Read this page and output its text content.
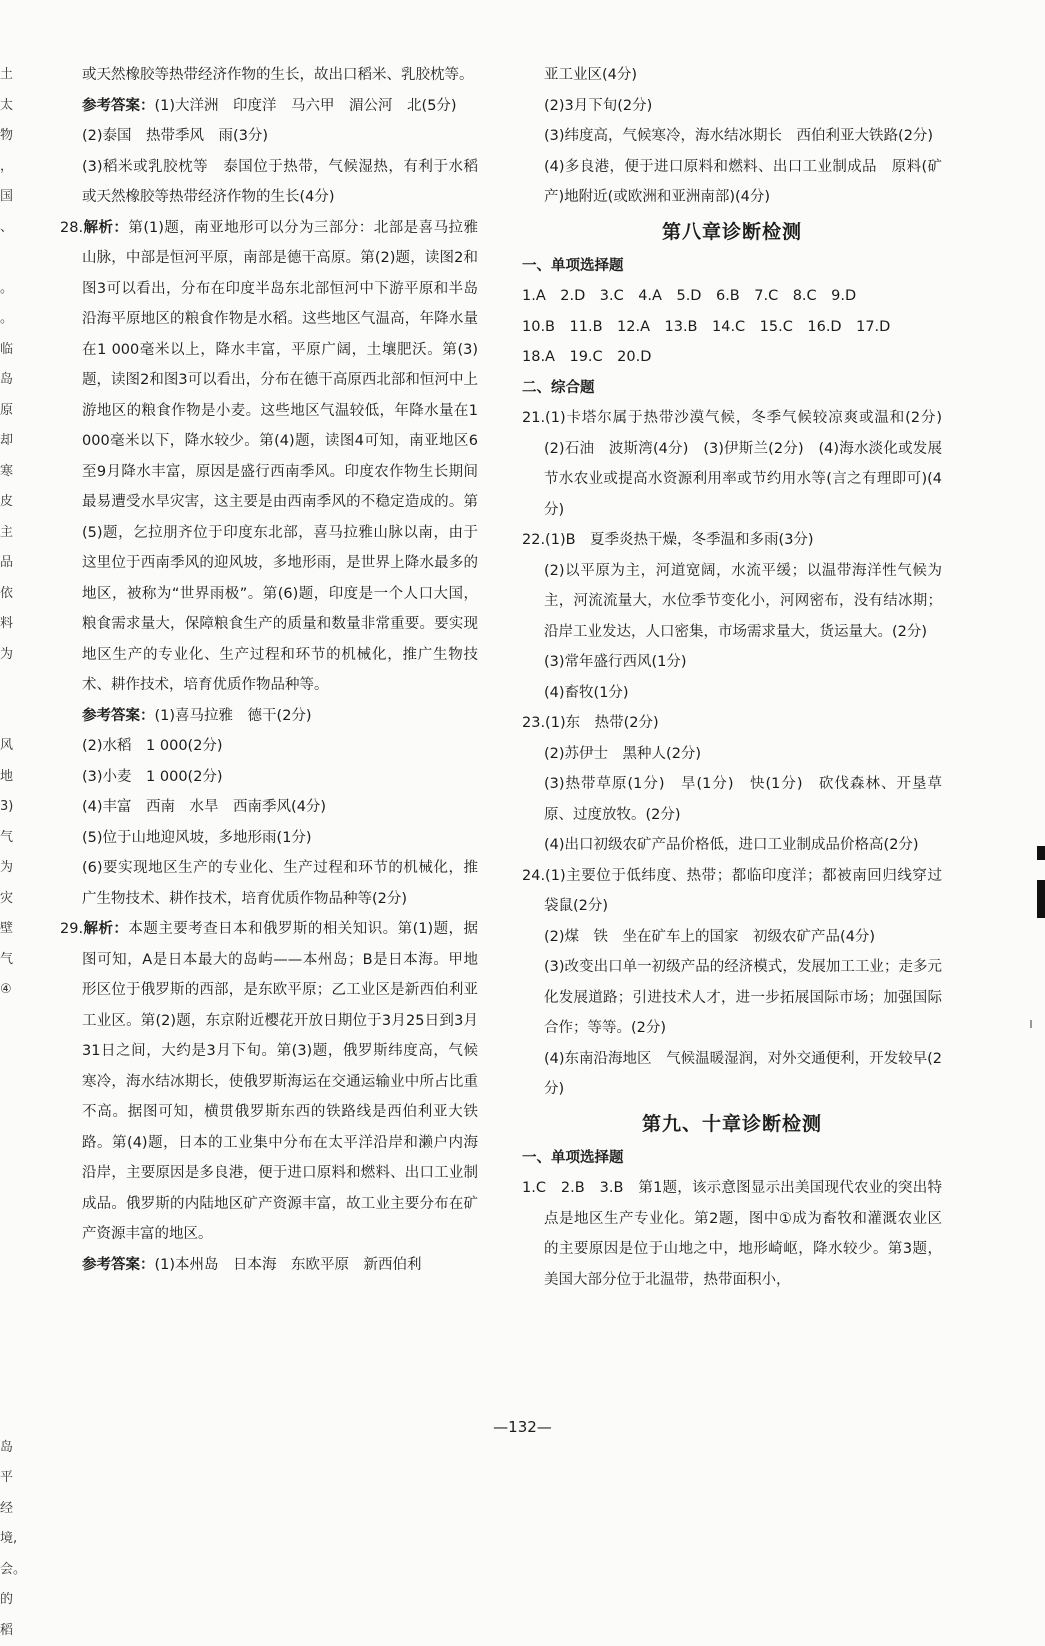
土
太
物
，
国
、
。
。
临
岛
原
却
寒
皮
主
品
依
料
为
风
地
3)
气
为
灾
壁
气
④
岛
平
经
境,
会。
的
稻

或天然橡胶等热带经济作物的生长，故出口稻米、乳胶枕等。

参考答案：(1)大洋洲　印度洋　马六甲　湄公河　北(5分)

(2)泰国　热带季风　雨(3分)

(3)稻米或乳胶枕等　泰国位于热带，气候湿热，有利于水稻或天然橡胶等热带经济作物的生长(4分)

28.解析：第(1)题，南亚地形可以分为三部分：北部是喜马拉雅山脉，中部是恒河平原，南部是德干高原。第(2)题，读图2和图3可以看出，分布在印度半岛东北部恒河中下游平原和半岛沿海平原地区的粮食作物是水稻。这些地区气温高，年降水量在1 000毫米以上，降水丰富，平原广阔，土壤肥沃。第(3)题，读图2和图3可以看出，分布在德干高原西北部和恒河中上游地区的粮食作物是小麦。这些地区气温较低，年降水量在1 000毫米以下，降水较少。第(4)题，读图4可知，南亚地区6至9月降水丰富，原因是盛行西南季风。印度农作物生长期间最易遭受水旱灾害，这主要是由西南季风的不稳定造成的。第(5)题，乞拉朋齐位于印度东北部，喜马拉雅山脉以南，由于这里位于西南季风的迎风坡，多地形雨，是世界上降水最多的地区，被称为“世界雨极”。第(6)题，印度是一个人口大国，粮食需求量大，保障粮食生产的质量和数量非常重要。要实现地区生产的专业化、生产过程和环节的机械化，推广生物技术、耕作技术，培育优质作物品种等。

参考答案：(1)喜马拉雅　德干(2分)

(2)水稻　1 000(2分)

(3)小麦　1 000(2分)

(4)丰富　西南　水旱　西南季风(4分)

(5)位于山地迎风坡，多地形雨(1分)

(6)要实现地区生产的专业化、生产过程和环节的机械化，推广生物技术、耕作技术，培育优质作物品种等(2分)

29.解析：本题主要考查日本和俄罗斯的相关知识。第(1)题，据图可知，A是日本最大的岛屿——本州岛；B是日本海。甲地形区位于俄罗斯的西部，是东欧平原；乙工业区是新西伯利亚工业区。第(2)题，东京附近樱花开放日期位于3月25日到3月31日之间，大约是3月下旬。第(3)题，俄罗斯纬度高，气候寒冷，海水结冰期长，使俄罗斯海运在交通运输业中所占比重不高。据图可知，横贯俄罗斯东西的铁路线是西伯利亚大铁路。第(4)题，日本的工业集中分布在太平洋沿岸和濑户内海沿岸，主要原因是多良港，便于进口原料和燃料、出口工业制成品。俄罗斯的内陆地区矿产资源丰富，故工业主要分布在矿产资源丰富的地区。

参考答案：(1)本州岛　日本海　东欧平原　新西伯利

亚工业区(4分)

(2)3月下旬(2分)

(3)纬度高，气候寒冷，海水结冰期长　西伯利亚大铁路(2分)

(4)多良港，便于进口原料和燃料、出口工业制成品　原料(矿产)地附近(或欧洲和亚洲南部)(4分)

第八章诊断检测

一、单项选择题

1.A　2.D　3.C　4.A　5.D　6.B　7.C　8.C　9.D

10.B　11.B　12.A　13.B　14.C　15.C　16.D　17.D

18.A　19.C　20.D

二、综合题

21.(1)卡塔尔属于热带沙漠气候，冬季气候较凉爽或温和(2分)　(2)石油　波斯湾(4分)　(3)伊斯兰(2分)　(4)海水淡化或发展节水农业或提高水资源利用率或节约用水等(言之有理即可)(4分)

22.(1)B　夏季炎热干燥，冬季温和多雨(3分)

(2)以平原为主，河道宽阔，水流平缓；以温带海洋性气候为主，河流流量大，水位季节变化小，河网密布，没有结冰期；沿岸工业发达，人口密集，市场需求量大，货运量大。(2分)

(3)常年盛行西风(1分)

(4)畜牧(1分)

23.(1)东　热带(2分)

(2)苏伊士　黑种人(2分)

(3)热带草原(1分)　旱(1分)　快(1分)　砍伐森林、开垦草原、过度放牧。(2分)

(4)出口初级农矿产品价格低，进口工业制成品价格高(2分)

24.(1)主要位于低纬度、热带；都临印度洋；都被南回归线穿过　袋鼠(2分)

(2)煤　铁　坐在矿车上的国家　初级农矿产品(4分)

(3)改变出口单一初级产品的经济模式，发展加工工业；走多元化发展道路；引进技术人才，进一步拓展国际市场；加强国际合作；等等。(2分)

(4)东南沿海地区　气候温暖湿润，对外交通便利，开发较早(2分)

第九、十章诊断检测

一、单项选择题

1.C　2.B　3.B　第1题，该示意图显示出美国现代农业的突出特点是地区生产专业化。第2题，图中①成为畜牧和灌溉农业区的主要原因是位于山地之中，地形崎岖，降水较少。第3题，美国大部分位于北温带，热带面积小，

—132—
